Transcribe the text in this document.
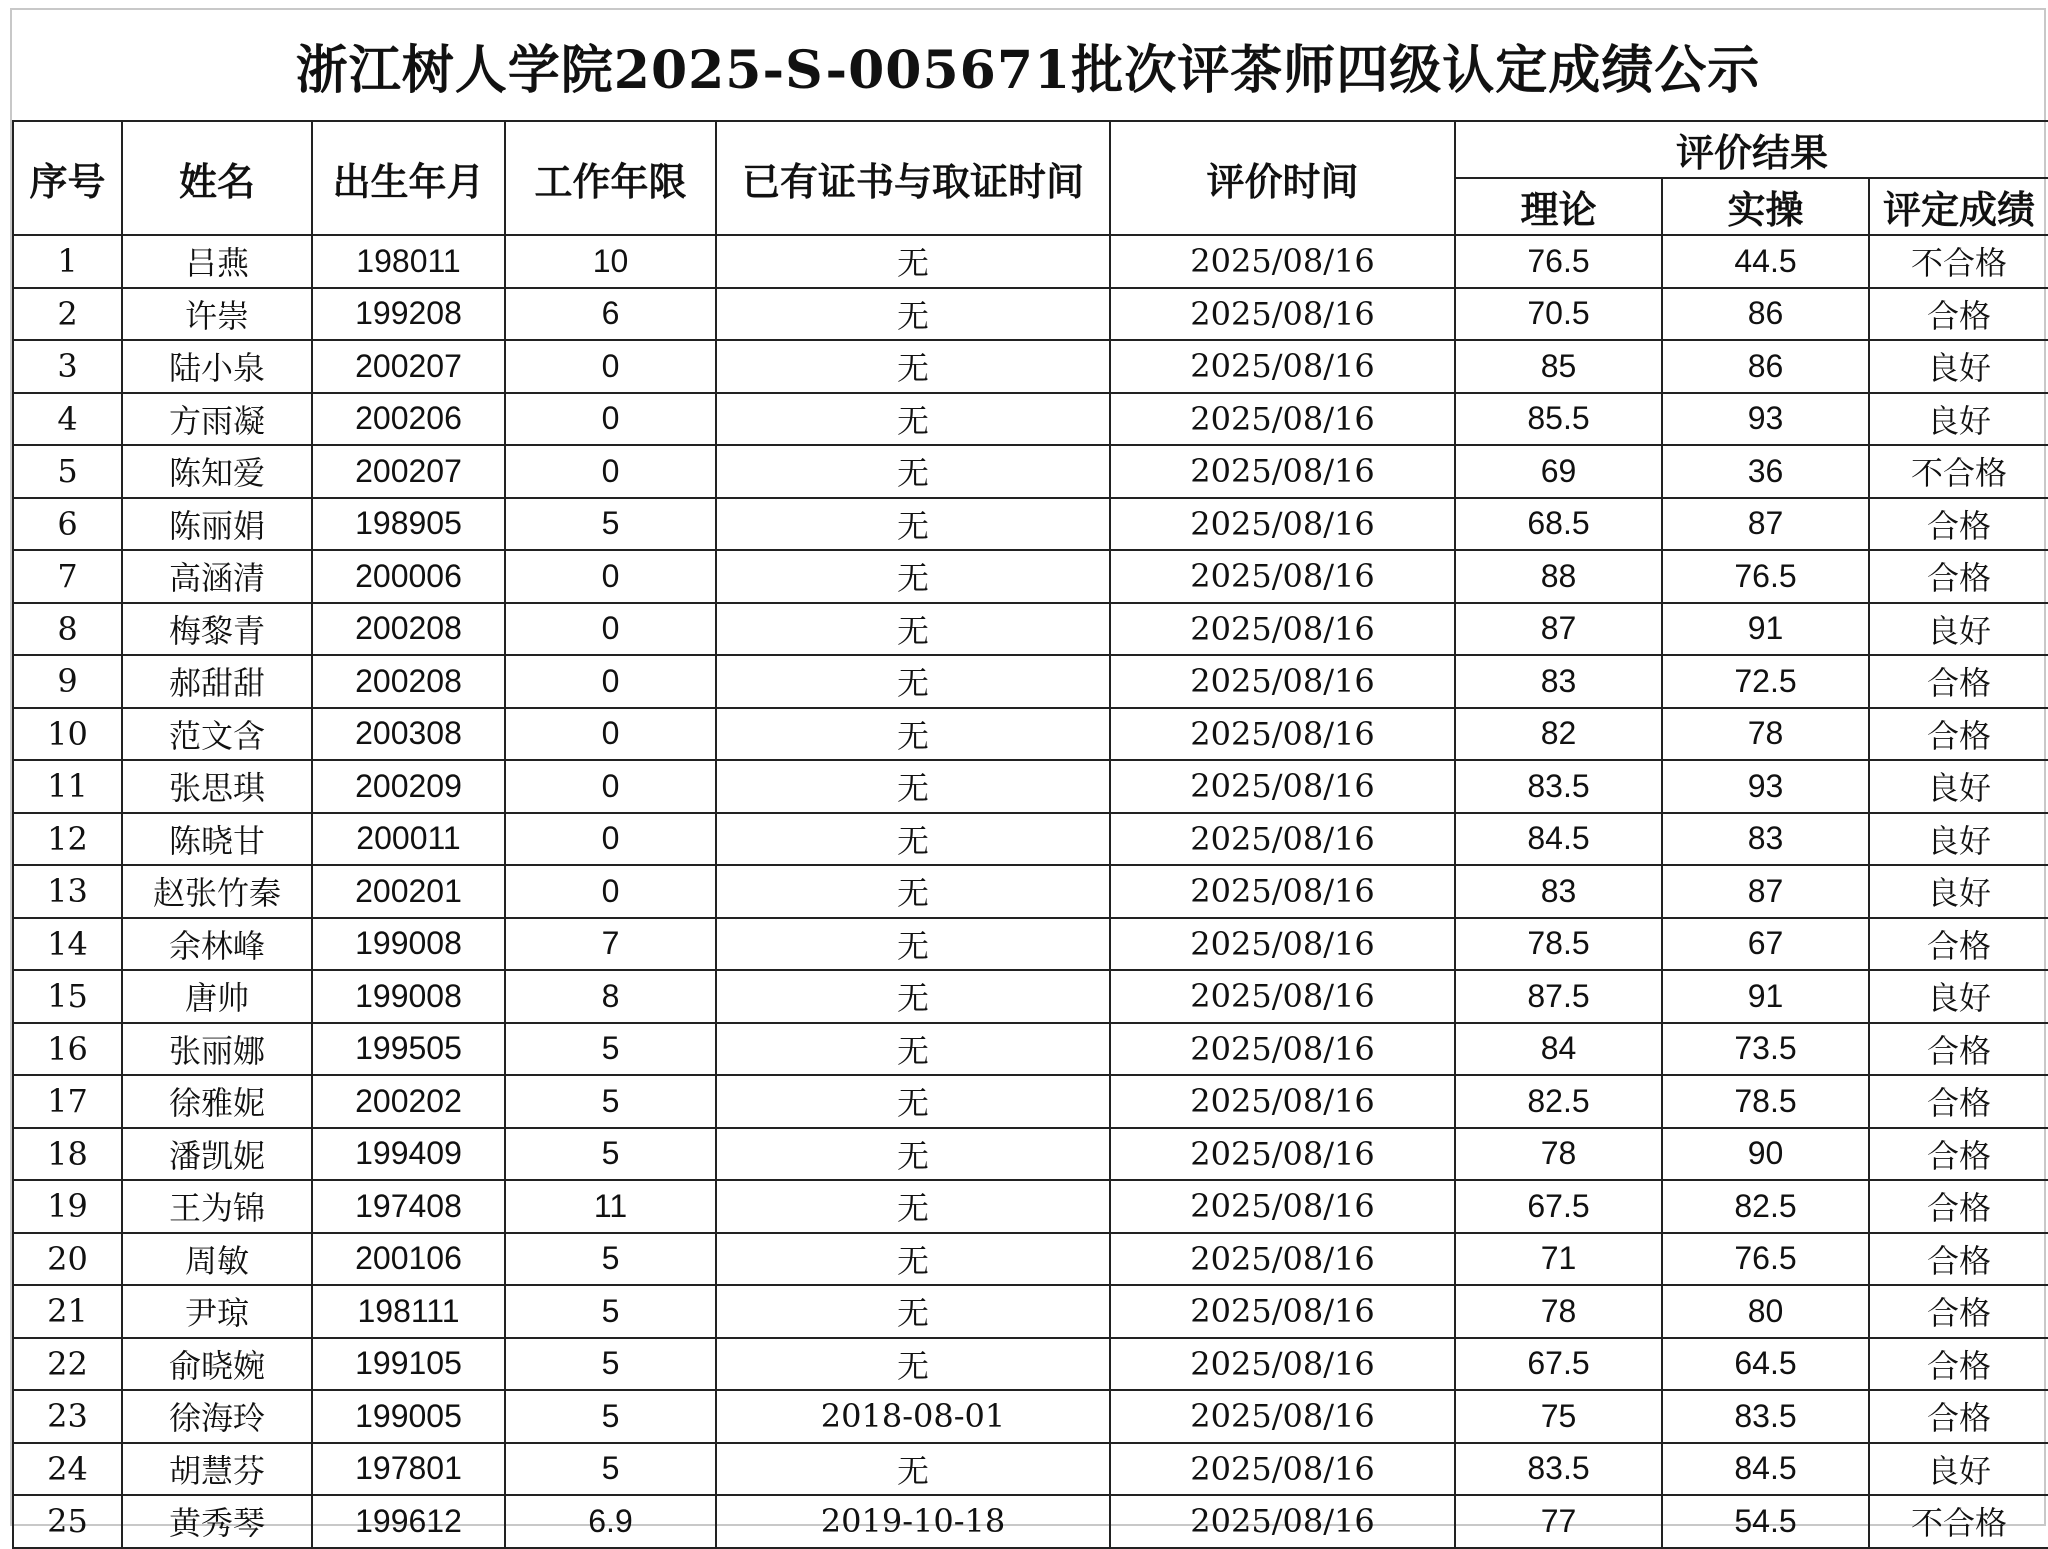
浙江树人学院2025-S-005671批次评茶师四级认定成绩公示
序号	姓名	出生年月	工作年限	已有证书与取证时间	评价时间	评价结果		
						理论	实操	评定成绩
1	吕燕	198011	10	无	2025/08/16	76.5	44.5	不合格
2	许崇	199208	6	无	2025/08/16	70.5	86	合格
3	陆小泉	200207	0	无	2025/08/16	85	86	良好
4	方雨凝	200206	0	无	2025/08/16	85.5	93	良好
5	陈知爱	200207	0	无	2025/08/16	69	36	不合格
6	陈丽娟	198905	5	无	2025/08/16	68.5	87	合格
7	高涵清	200006	0	无	2025/08/16	88	76.5	合格
8	梅黎青	200208	0	无	2025/08/16	87	91	良好
9	郝甜甜	200208	0	无	2025/08/16	83	72.5	合格
10	范文含	200308	0	无	2025/08/16	82	78	合格
11	张思琪	200209	0	无	2025/08/16	83.5	93	良好
12	陈晓甘	200011	0	无	2025/08/16	84.5	83	良好
13	赵张竹秦	200201	0	无	2025/08/16	83	87	良好
14	余林峰	199008	7	无	2025/08/16	78.5	67	合格
15	唐帅	199008	8	无	2025/08/16	87.5	91	良好
16	张丽娜	199505	5	无	2025/08/16	84	73.5	合格
17	徐雅妮	200202	5	无	2025/08/16	82.5	78.5	合格
18	潘凯妮	199409	5	无	2025/08/16	78	90	合格
19	王为锦	197408	11	无	2025/08/16	67.5	82.5	合格
20	周敏	200106	5	无	2025/08/16	71	76.5	合格
21	尹琼	198111	5	无	2025/08/16	78	80	合格
22	俞晓婉	199105	5	无	2025/08/16	67.5	64.5	合格
23	徐海玲	199005	5	2018-08-01	2025/08/16	75	83.5	合格
24	胡慧芬	197801	5	无	2025/08/16	83.5	84.5	良好
25	黄秀琴	199612	6.9	2019-10-18	2025/08/16	77	54.5	不合格
